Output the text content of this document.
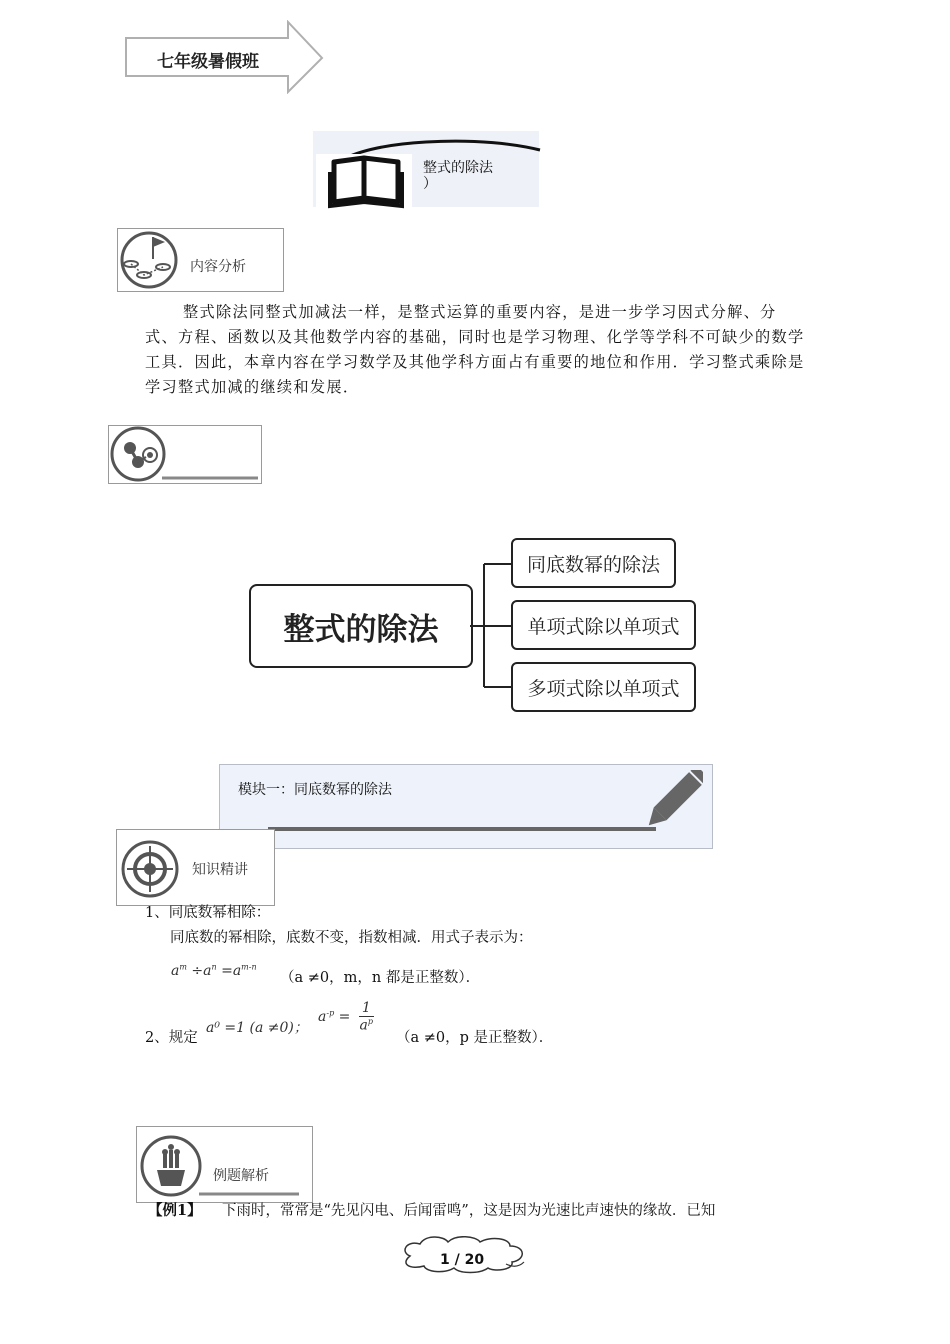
七年级暑假班
整式的除法
）
内容分析
整式除法同整式加减法一样，是整式运算的重要内容，是进一步学习因式分解、分式、方程、函数以及其他数学内容的基础，同时也是学习物理、化学等学科不可缺少的数学工具．因此，本章内容在学习数学及其他学科方面占有重要的地位和作用．学习整式乘除是学习整式加减的继续和发展．
整式的除法
同底数幂的除法
单项式除以单项式
多项式除以单项式
模块一：同底数幂的除法
知识精讲
1、同底数幂相除：
同底数的幂相除，底数不变，指数相减．用式子表示为：
$a^m \div a^n =a^{m-n}$
（a ≠0，m，n 都是正整数）．
2、规定
a⁰ =1 (a ≠0)；
$a^{-p} = \frac{1}{a^p}$
（a ≠0，p 是正整数）．
例题解析
【例1】 下雨时，常常是“先见闪电、后闻雷鸣”，这是因为光速比声速快的缘故．已知
1 / 20
